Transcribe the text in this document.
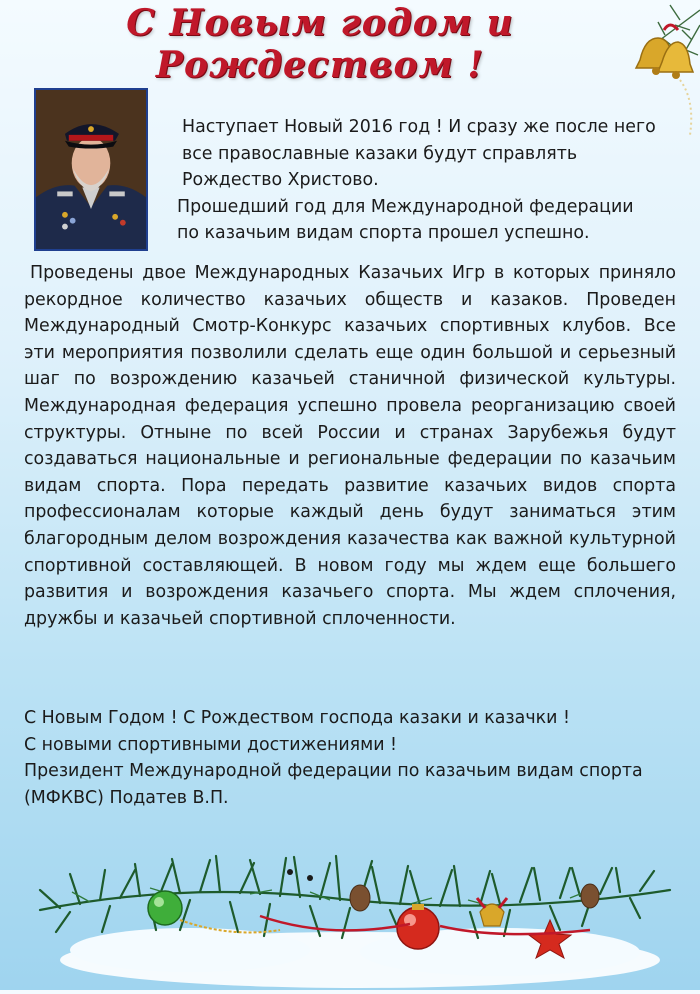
С Новым годом и Рождеством !

Наступает Новый 2016 год ! И сразу же после него

все православные казаки будут справлять

Рождество Христово.

Прошедший год для Международной федерации

по казачьим видам спорта прошел успешно.

Проведены двое Международных Казачьих Игр в которых приняло рекордное количество казачьих обществ и казаков. Проведен Международный Смотр-Конкурс казачьих спортивных клубов. Все эти мероприятия позволили сделать еще один большой и серьезный шаг по возрождению казачьей станичной физической культуры. Международная федерация успешно провела реорганизацию своей структуры. Отныне по всей России и странах Зарубежья будут создаваться национальные и региональные федерации по казачьим видам спорта. Пора передать развитие казачьих видов спорта профессионалам которые каждый день будут заниматься этим благородным делом возрождения казачества как важной культурной спортивной составляющей. В новом году мы ждем еще большего развития и возрождения казачьего спорта. Мы ждем сплочения, дружбы и казачьей спортивной сплоченности.

С Новым Годом ! С Рождеством господа казаки и казачки !

С новыми спортивными достижениями !

Президент Международной федерации по казачьим видам спорта

(МФКВС) Податев В.П.
